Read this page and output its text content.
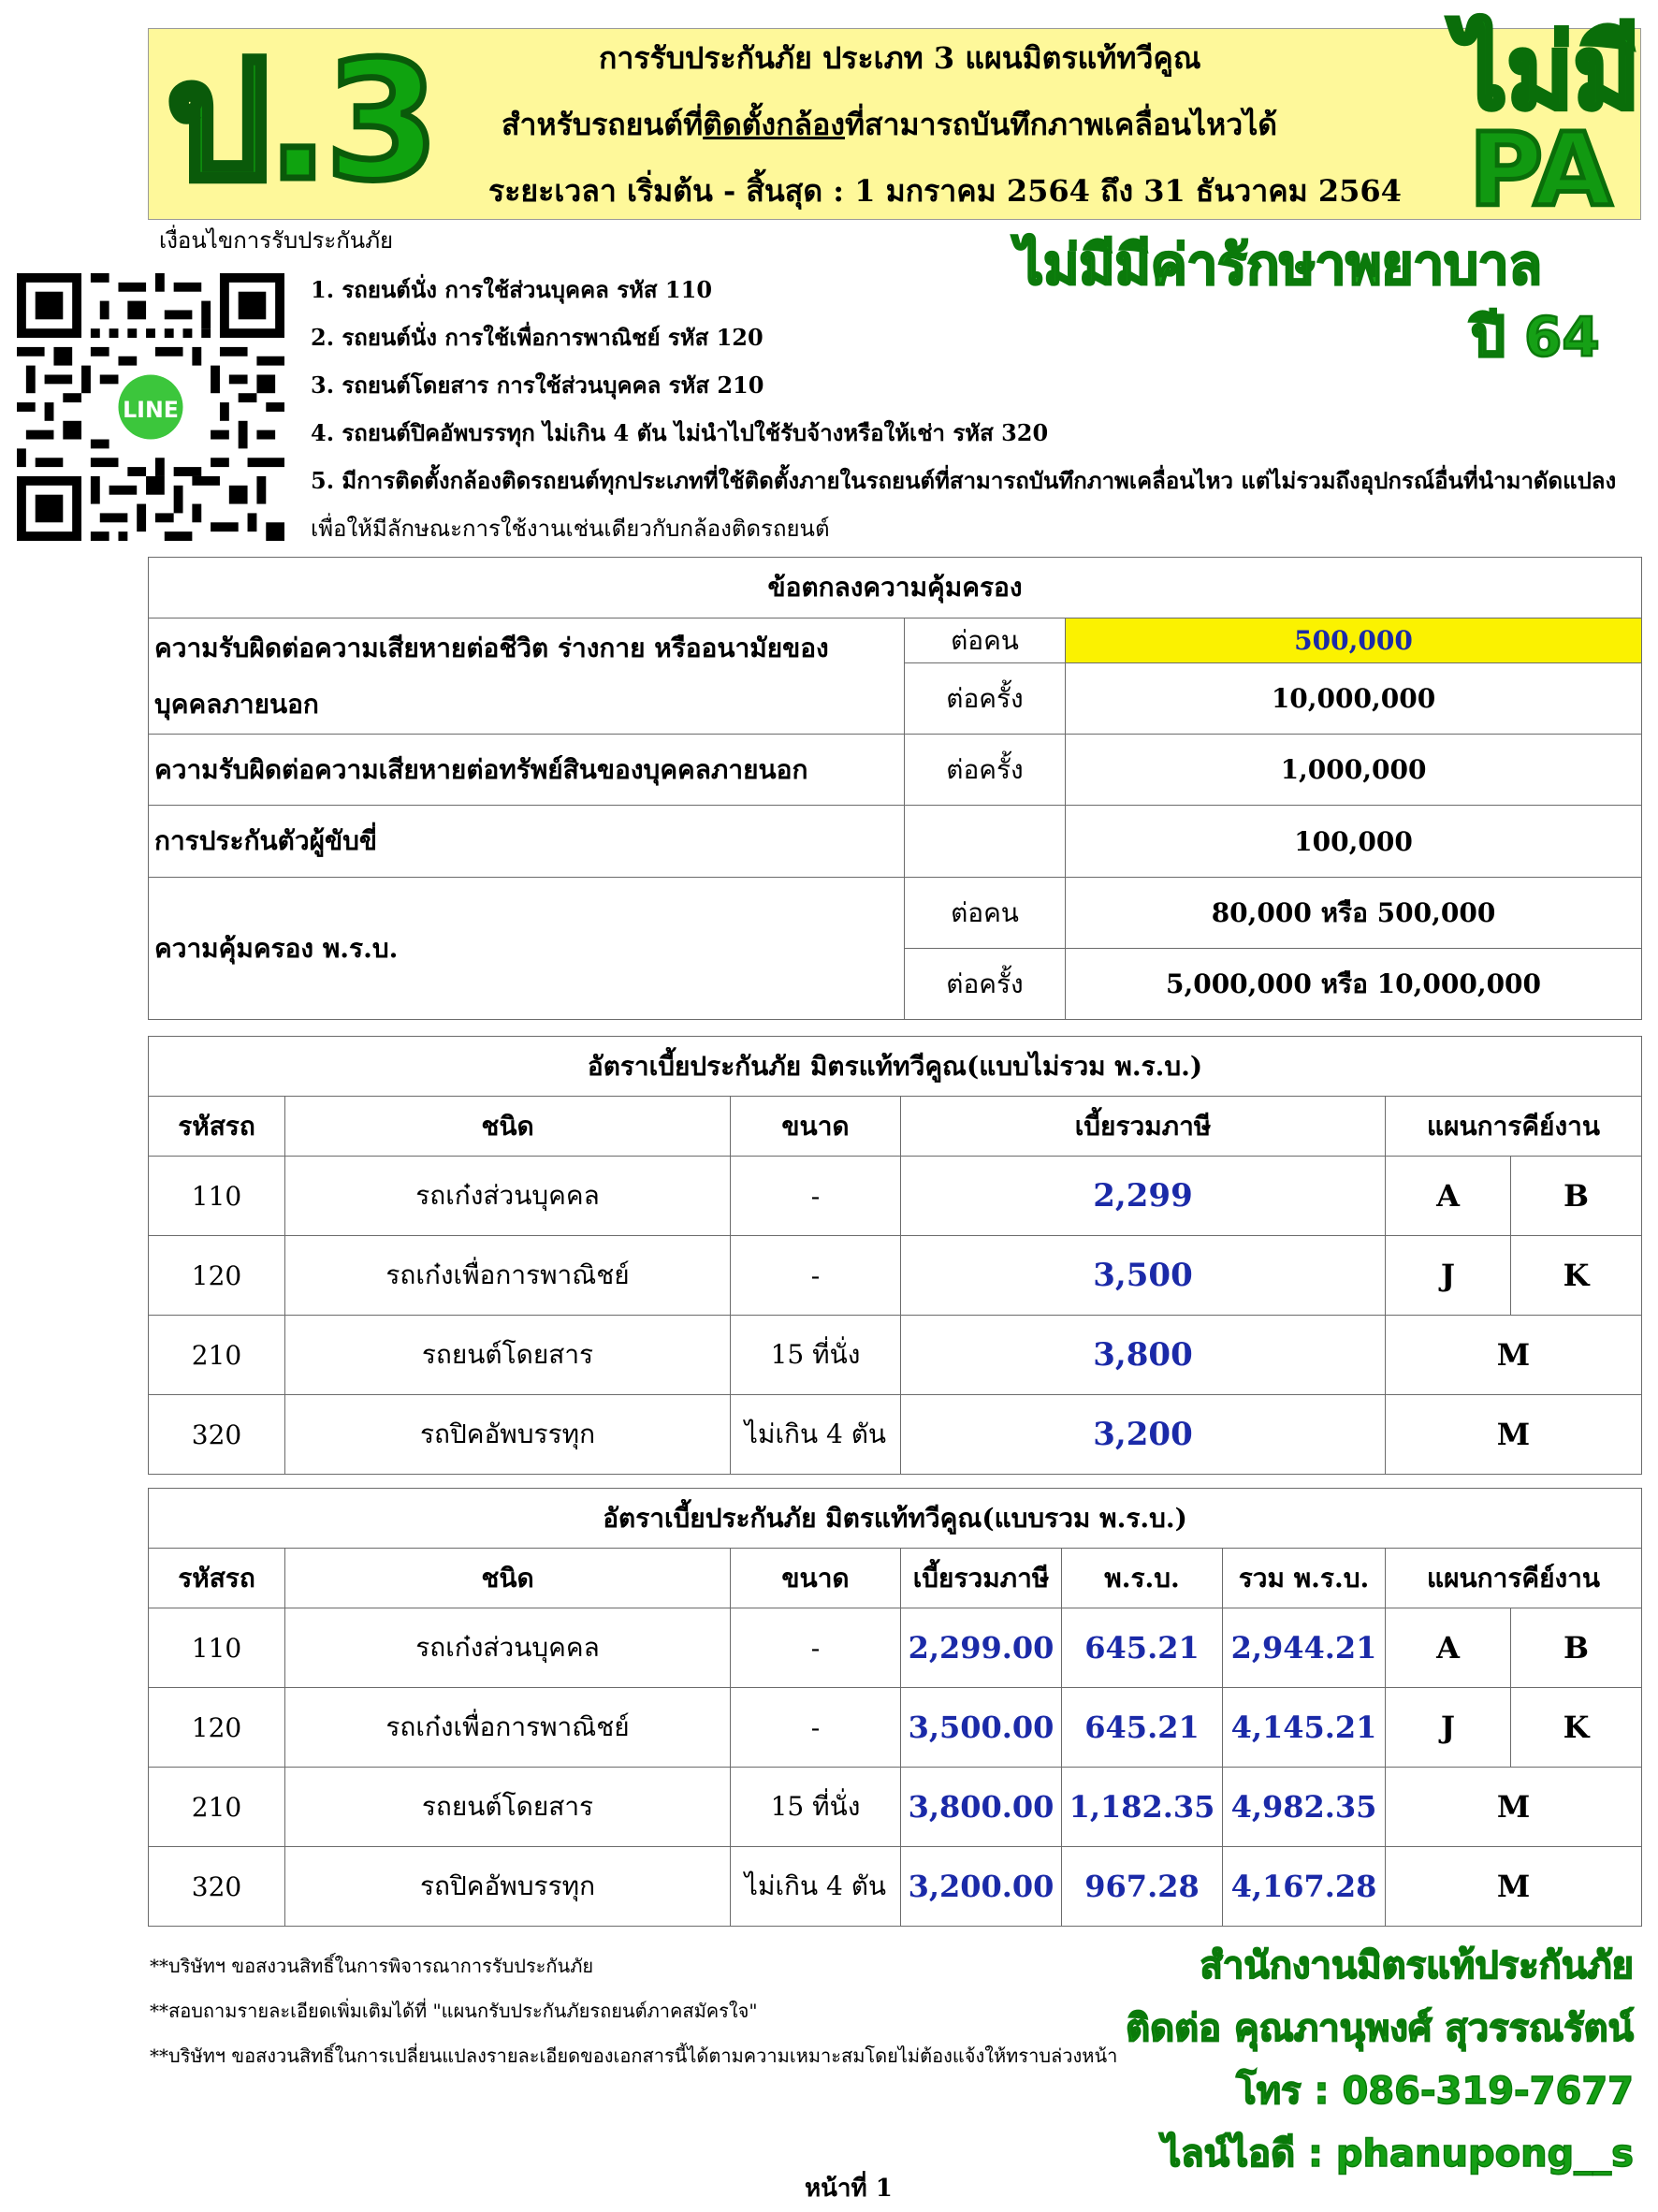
ป.3	การรับประกันภัย ประเภท 3 แผนมิตรแท้ทวีคูณ
สำหรับรถยนต์ที่ติดตั้งกล้องที่สามารถบันทึกภาพเคลื่อนไหวได้
ระยะเวลา เริ่มต้น - สิ้นสุด : 1 มกราคม 2564 ถึง 31 ธันวาคม 2564
ไม่มี
PA
ไม่มีมีค่ารักษาพยาบาล
ปี 64
เงื่อนไขการรับประกันภัย
1. รถยนต์นั่ง การใช้ส่วนบุคคล รหัส 110
2. รถยนต์นั่ง การใช้เพื่อการพาณิชย์ รหัส 120
3. รถยนต์โดยสาร การใช้ส่วนบุคคล รหัส 210
4. รถยนต์ปิคอัพบรรทุก ไม่เกิน 4 ตัน ไม่นำไปใช้รับจ้างหรือให้เช่า รหัส 320
5. มีการติดตั้งกล้องติดรถยนต์ทุกประเภทที่ใช้ติดตั้งภายในรถยนต์ที่สามารถบันทึกภาพเคลื่อนไหว แต่ไม่รวมถึงอุปกรณ์อื่นที่นำมาดัดแปลง
เพื่อให้มีลักษณะการใช้งานเช่นเดียวกับกล้องติดรถยนต์
LINE
ข้อตกลงความคุ้มครอง		
ความรับผิดต่อความเสียหายต่อชีวิต ร่างกาย หรืออนามัยของ
บุคคลภายนอก	ต่อคน	500,000
	ต่อครั้ง	10,000,000
ความรับผิดต่อความเสียหายต่อทรัพย์สินของบุคคลภายนอก	ต่อครั้ง	1,000,000
การประกันตัวผู้ขับขี่		100,000
ความคุ้มครอง พ.ร.บ.	ต่อคน	80,000 หรือ 500,000
	ต่อครั้ง	5,000,000 หรือ 10,000,000
อัตราเบี้ยประกันภัย มิตรแท้ทวีคูณ(แบบไม่รวม พ.ร.บ.)					
รหัสรถ	ชนิด	ขนาด	เบี้ยรวมภาษี	แผนการคีย์งาน	
110	รถเก๋งส่วนบุคคล	-	2,299	A	B
120	รถเก๋งเพื่อการพาณิชย์	-	3,500	J	K
210	รถยนต์โดยสาร	15 ที่นั่ง	3,800	M	
320	รถปิคอัพบรรทุก	ไม่เกิน 4 ตัน	3,200	M	
อัตราเบี้ยประกันภัย มิตรแท้ทวีคูณ(แบบรวม พ.ร.บ.)							
รหัสรถ	ชนิด	ขนาด	เบี้ยรวมภาษี	พ.ร.บ.	รวม พ.ร.บ.	แผนการคีย์งาน	
110	รถเก๋งส่วนบุคคล	-	2,299.00	645.21	2,944.21	A	B
120	รถเก๋งเพื่อการพาณิชย์	-	3,500.00	645.21	4,145.21	J	K
210	รถยนต์โดยสาร	15 ที่นั่ง	3,800.00	1,182.35	4,982.35	M	
320	รถปิคอัพบรรทุก	ไม่เกิน 4 ตัน	3,200.00	967.28	4,167.28	M	
**บริษัทฯ ขอสงวนสิทธิ์ในการพิจารณาการรับประกันภัย
**สอบถามรายละเอียดเพิ่มเติมได้ที่ "แผนกรับประกันภัยรถยนต์ภาคสมัครใจ"
**บริษัทฯ ขอสงวนสิทธิ์ในการเปลี่ยนแปลงรายละเอียดของเอกสารนี้ได้ตามความเหมาะสมโดยไม่ต้องแจ้งให้ทราบล่วงหน้า
สำนักงานมิตรแท้ประกันภัย
ติดต่อ คุณภานุพงศ์ สุวรรณรัตน์
โทร : 086-319-7677
ไลน์ไอดี : phanupong__s
หน้าที่ 1
